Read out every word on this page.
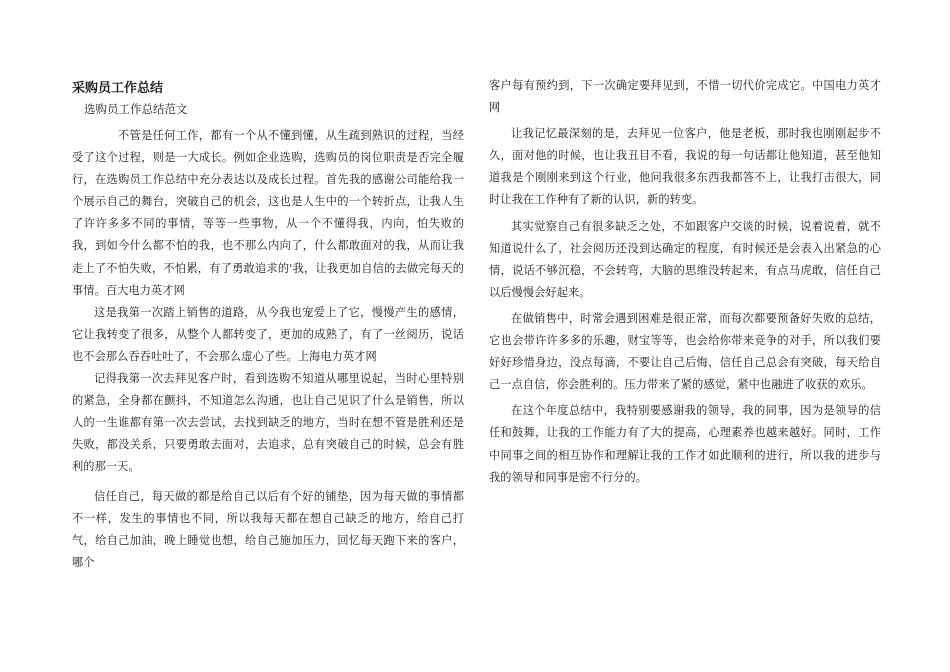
采购员工作总结

选购员工作总结范文

不管是任何工作，都有一个从不懂到懂，从生疏到熟识的过程，当经受了这个过程，则是一大成长。例如企业选购，选购员的岗位职责是否完全履行，在选购员工作总结中充分表达以及成长过程。首先我的感谢公司能给我一个展示自己的舞台，突破自己的机会，这也是人生中的一个转折点，让我人生了许许多多不同的事情，等等一些事物，从一个不懂得我，内向，怕失败的我，到如今什么都不怕的我，也不那么内向了，什么都敢面对的我，从而让我走上了不怕失败，不怕累，有了勇敢追求的'我，让我更加自信的去做完每天的事情。百大电力英才网

这是我第一次踏上销售的道路，从今我也宠爱上了它，慢慢产生的感情，它让我转变了很多，从整个人都转变了，更加的成熟了，有了一丝阅历，说话也不会那么吞吞吐吐了，不会那么虚心了些。上海电力英才网

记得我第一次去拜见客户时，看到选购不知道从哪里说起，当时心里特别的紧急，全身都在颤抖，不知道怎么沟通，也让自己见识了什么是销售，所以人的一生谁都有第一次去尝试，去找到缺乏的地方，当时在想不管是胜利还是失败，都没关系，只要勇敢去面对，去追求，总有突破自己的时候，总会有胜利的那一天。

信任自己，每天做的都是给自己以后有个好的铺垫，因为每天做的事情都不一样，发生的事情也不同，所以我每天都在想自己缺乏的地方，给自己打气，给自己加油，晚上睡觉也想，给自己施加压力，回忆每天跑下来的客户，哪个

客户每有预约到，下一次确定要拜见到，不惜一切代价完成它。中国电力英才网

让我记忆最深刻的是，去拜见一位客户，他是老板，那时我也刚刚起步不久，面对他的时候，也让我丑目不看，我说的每一句话都让他知道，甚至他知道我是个刚刚来到这个行业，他问我很多东西我都答不上，让我打击很大，同时让我在工作种有了新的认识，新的转变。

其实觉察自己有很多缺乏之处，不如跟客户交谈的时候，说着说着，就不知道说什么了，社会阅历还没到达确定的程度，有时候还是会表入出紧急的心情，说话不够沉稳，不会转弯，大脑的思维没转起来，有点马虎敢，信任自己以后慢慢会好起来。

在做销售中，时常会遇到困难是很正常，而每次都要预备好失败的总结，它也会带许许多多的乐趣，财宝等等，也会给你带来竞争的对手，所以我们要好好珍惜身边，没点每滴，不要让自己后悔，信任自己总会有突破，每天给自己一点自信，你会胜利的。压力带来了紧的感觉，紧中也融进了收获的欢乐。

在这个年度总结中，我特别要感谢我的领导，我的同事，因为是领导的信任和鼓舞，让我的工作能力有了大的提高，心理素养也越来越好。同时，工作中同事之间的相互协作和理解让我的工作才如此顺利的进行，所以我的进步与我的领导和同事是密不行分的。
